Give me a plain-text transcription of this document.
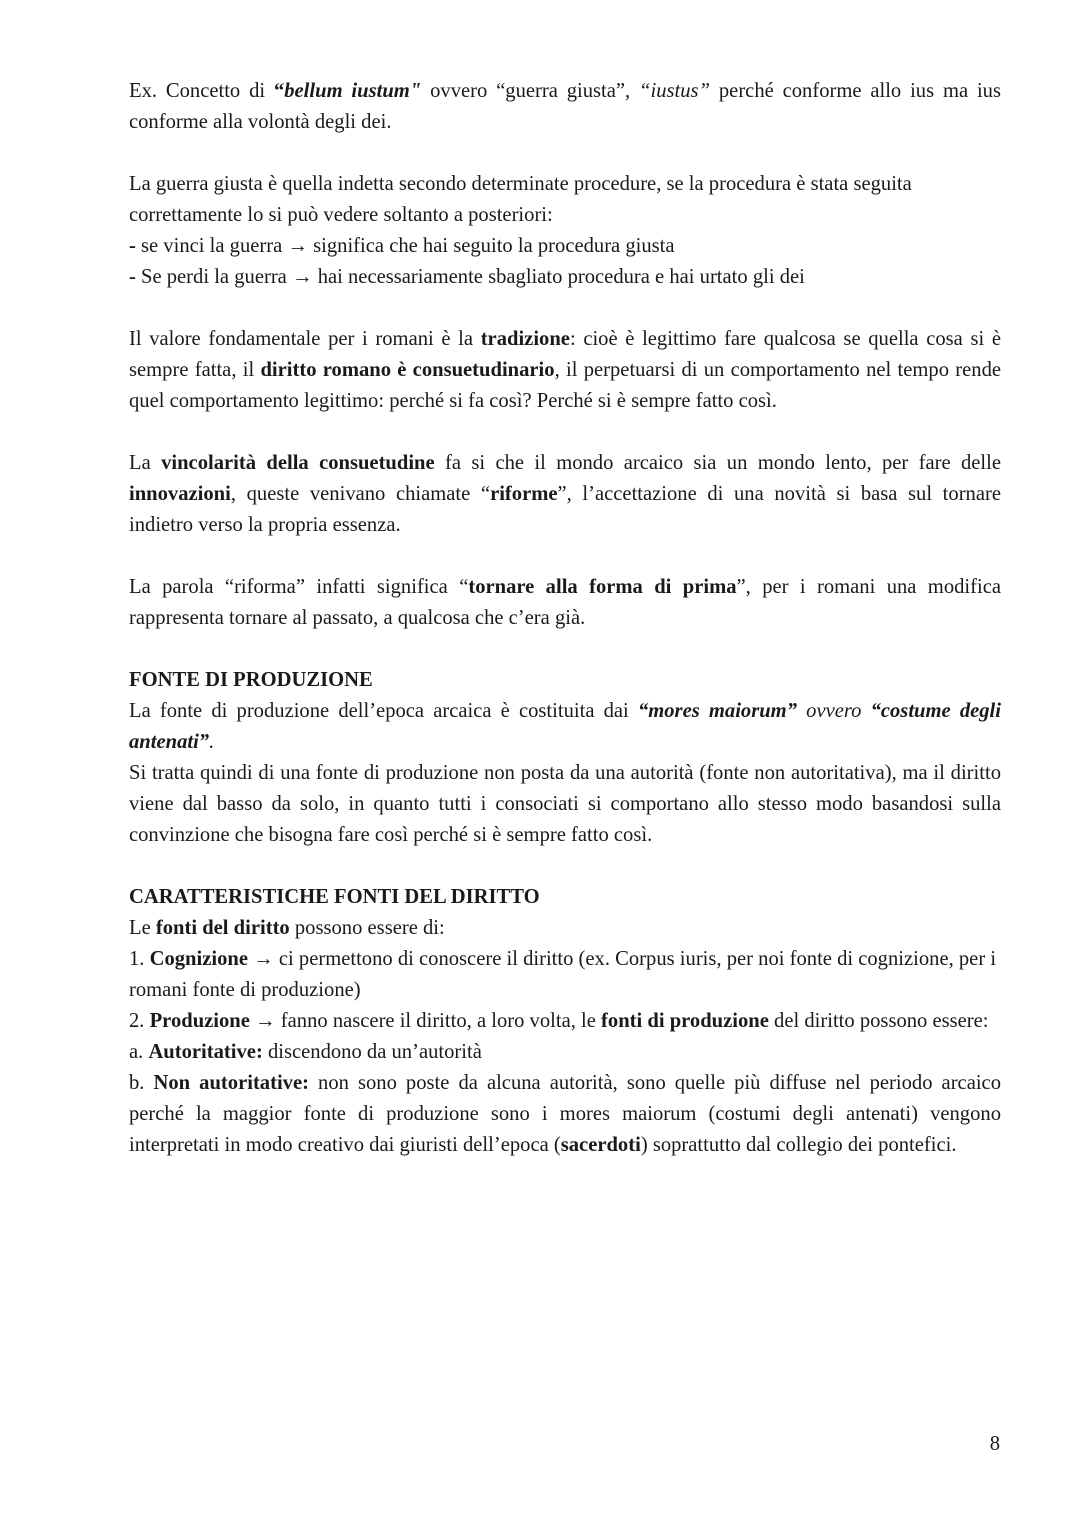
Ex. Concetto di “bellum iustum" ovvero “guerra giusta”, “iustus” perché conforme allo ius ma ius conforme alla volontà degli dei.

La guerra giusta è quella indetta secondo determinate procedure, se la procedura è stata seguita

correttamente lo si può vedere soltanto a posteriori:

- se vinci la guerra → significa che hai seguito la procedura giusta

- Se perdi la guerra → hai necessariamente sbagliato procedura e hai urtato gli dei

Il valore fondamentale per i romani è la tradizione: cioè è legittimo fare qualcosa se quella cosa si è sempre fatta, il diritto romano è consuetudinario, il perpetuarsi di un comportamento nel tempo rende quel comportamento legittimo: perché si fa così? Perché si è sempre fatto così.

La vincolarità della consuetudine fa si che il mondo arcaico sia un mondo lento, per fare delle innovazioni, queste venivano chiamate “riforme”, l’accettazione di una novità si basa sul tornare indietro verso la propria essenza.

La parola “riforma” infatti significa “tornare alla forma di prima”, per i romani una modifica rappresenta tornare al passato, a qualcosa che c’era già.

FONTE DI PRODUZIONE

La fonte di produzione dell’epoca arcaica è costituita dai “mores maiorum” ovvero “costume degli antenati”.

Si tratta quindi di una fonte di produzione non posta da una autorità (fonte non autoritativa), ma il diritto viene dal basso da solo, in quanto tutti i consociati si comportano allo stesso modo basandosi sulla convinzione che bisogna fare così perché si è sempre fatto così.

CARATTERISTICHE FONTI DEL DIRITTO

Le fonti del diritto possono essere di:

1. Cognizione → ci permettono di conoscere il diritto (ex. Corpus iuris, per noi fonte di cognizione, per i

romani fonte di produzione)

2. Produzione → fanno nascere il diritto, a loro volta, le fonti di produzione del diritto possono essere:

a. Autoritative: discendono da un’autorità

b. Non autoritative: non sono poste da alcuna autorità, sono quelle più diffuse nel periodo arcaico perché la maggior fonte di produzione sono i mores maiorum (costumi degli antenati) vengono interpretati in modo creativo dai giuristi dell’epoca (sacerdoti) soprattutto dal collegio dei pontefici.

8
